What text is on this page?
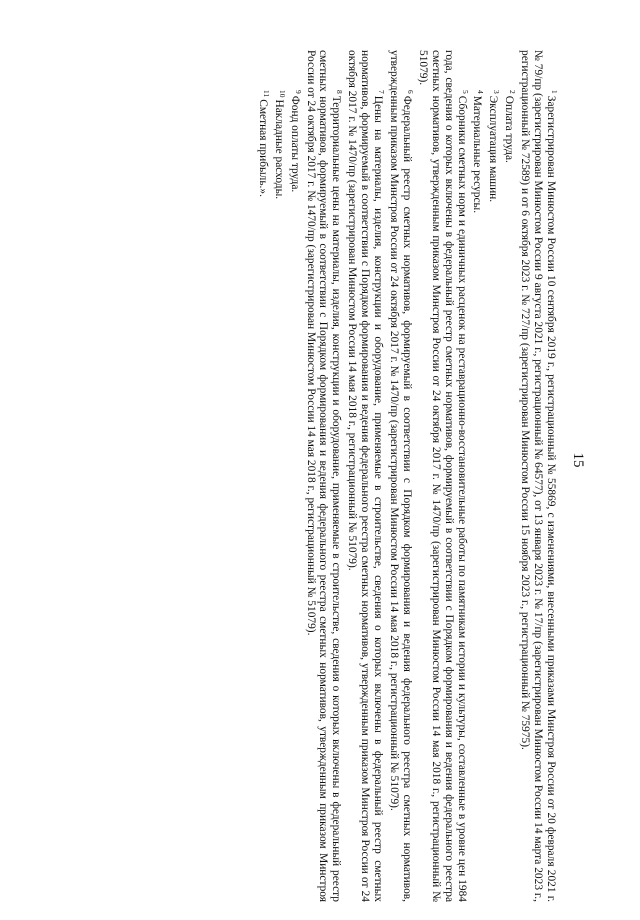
15

$^1$Зарегистрирован Минюстом России 10 сентября 2019 г., регистрационный № 55869, с изменениями, внесенными приказами Минстроя России от 20 февраля 2021 г. № 79/пр (зарегистрирован Минюстом России 9 августа 2021 г., регистрационный № 64577), от 13 января 2023 г. № 17/пр (зарегистрирован Минюстом России 14 марта 2023 г., регистрационный № 72589) и от 6 октября 2023 г. № 727/пр (зарегистрирован Минюстом России 15 ноября 2023 г., регистрационный № 75975).

$^2$Оплата труда.

$^3$Эксплуатация машин.

$^4$Материальные ресурсы.

$^5$Сборники сметных норм и единичных расценок на реставрационно-восстановительные работы по памятникам истории и культуры, составленные в уровне цен 1984 года, сведения о которых включены в федеральный реестр сметных нормативов, формируемый в соответствии с Порядком формирования и ведения федерального реестра сметных нормативов, утвержденным приказом Минстроя России от 24 октября 2017 г. № 1470/пр (зарегистрирован Минюстом России 14 мая 2018 г., регистрационный № 51079).

$^6$Федеральный реестр сметных нормативов, формируемый в соответствии с Порядком формирования и ведения федерального реестра сметных нормативов, утвержденным приказом Минстроя России от 24 октября 2017 г. № 1470/пр (зарегистрирован Минюстом России 14 мая 2018 г., регистрационный № 51079).

$^7$Цены на материалы, изделия, конструкции и оборудование, применяемые в строительстве, сведения о которых включены в федеральный реестр сметных нормативов, формируемый в соответствии с Порядком формирования и ведения федерального реестра сметных нормативов, утвержденным приказом Минстроя России от 24 октября 2017 г. № 1470/пр (зарегистрирован Минюстом России 14 мая 2018 г., регистрационный № 51079).

$^8$Территориальные цены на материалы, изделия, конструкции и оборудование, применяемые в строительстве, сведения о которых включены в федеральный реестр сметных нормативов, формируемый в соответствии с Порядком формирования и ведения федерального реестра сметных нормативов, утвержденным приказом Минстроя России от 24 октября 2017 г. № 1470/пр (зарегистрирован Минюстом России 14 мая 2018 г., регистрационный № 51079).

$^9$Фонд оплаты труда.

$^{10}$Накладные расходы.

$^{11}$Сметная прибыль.».
